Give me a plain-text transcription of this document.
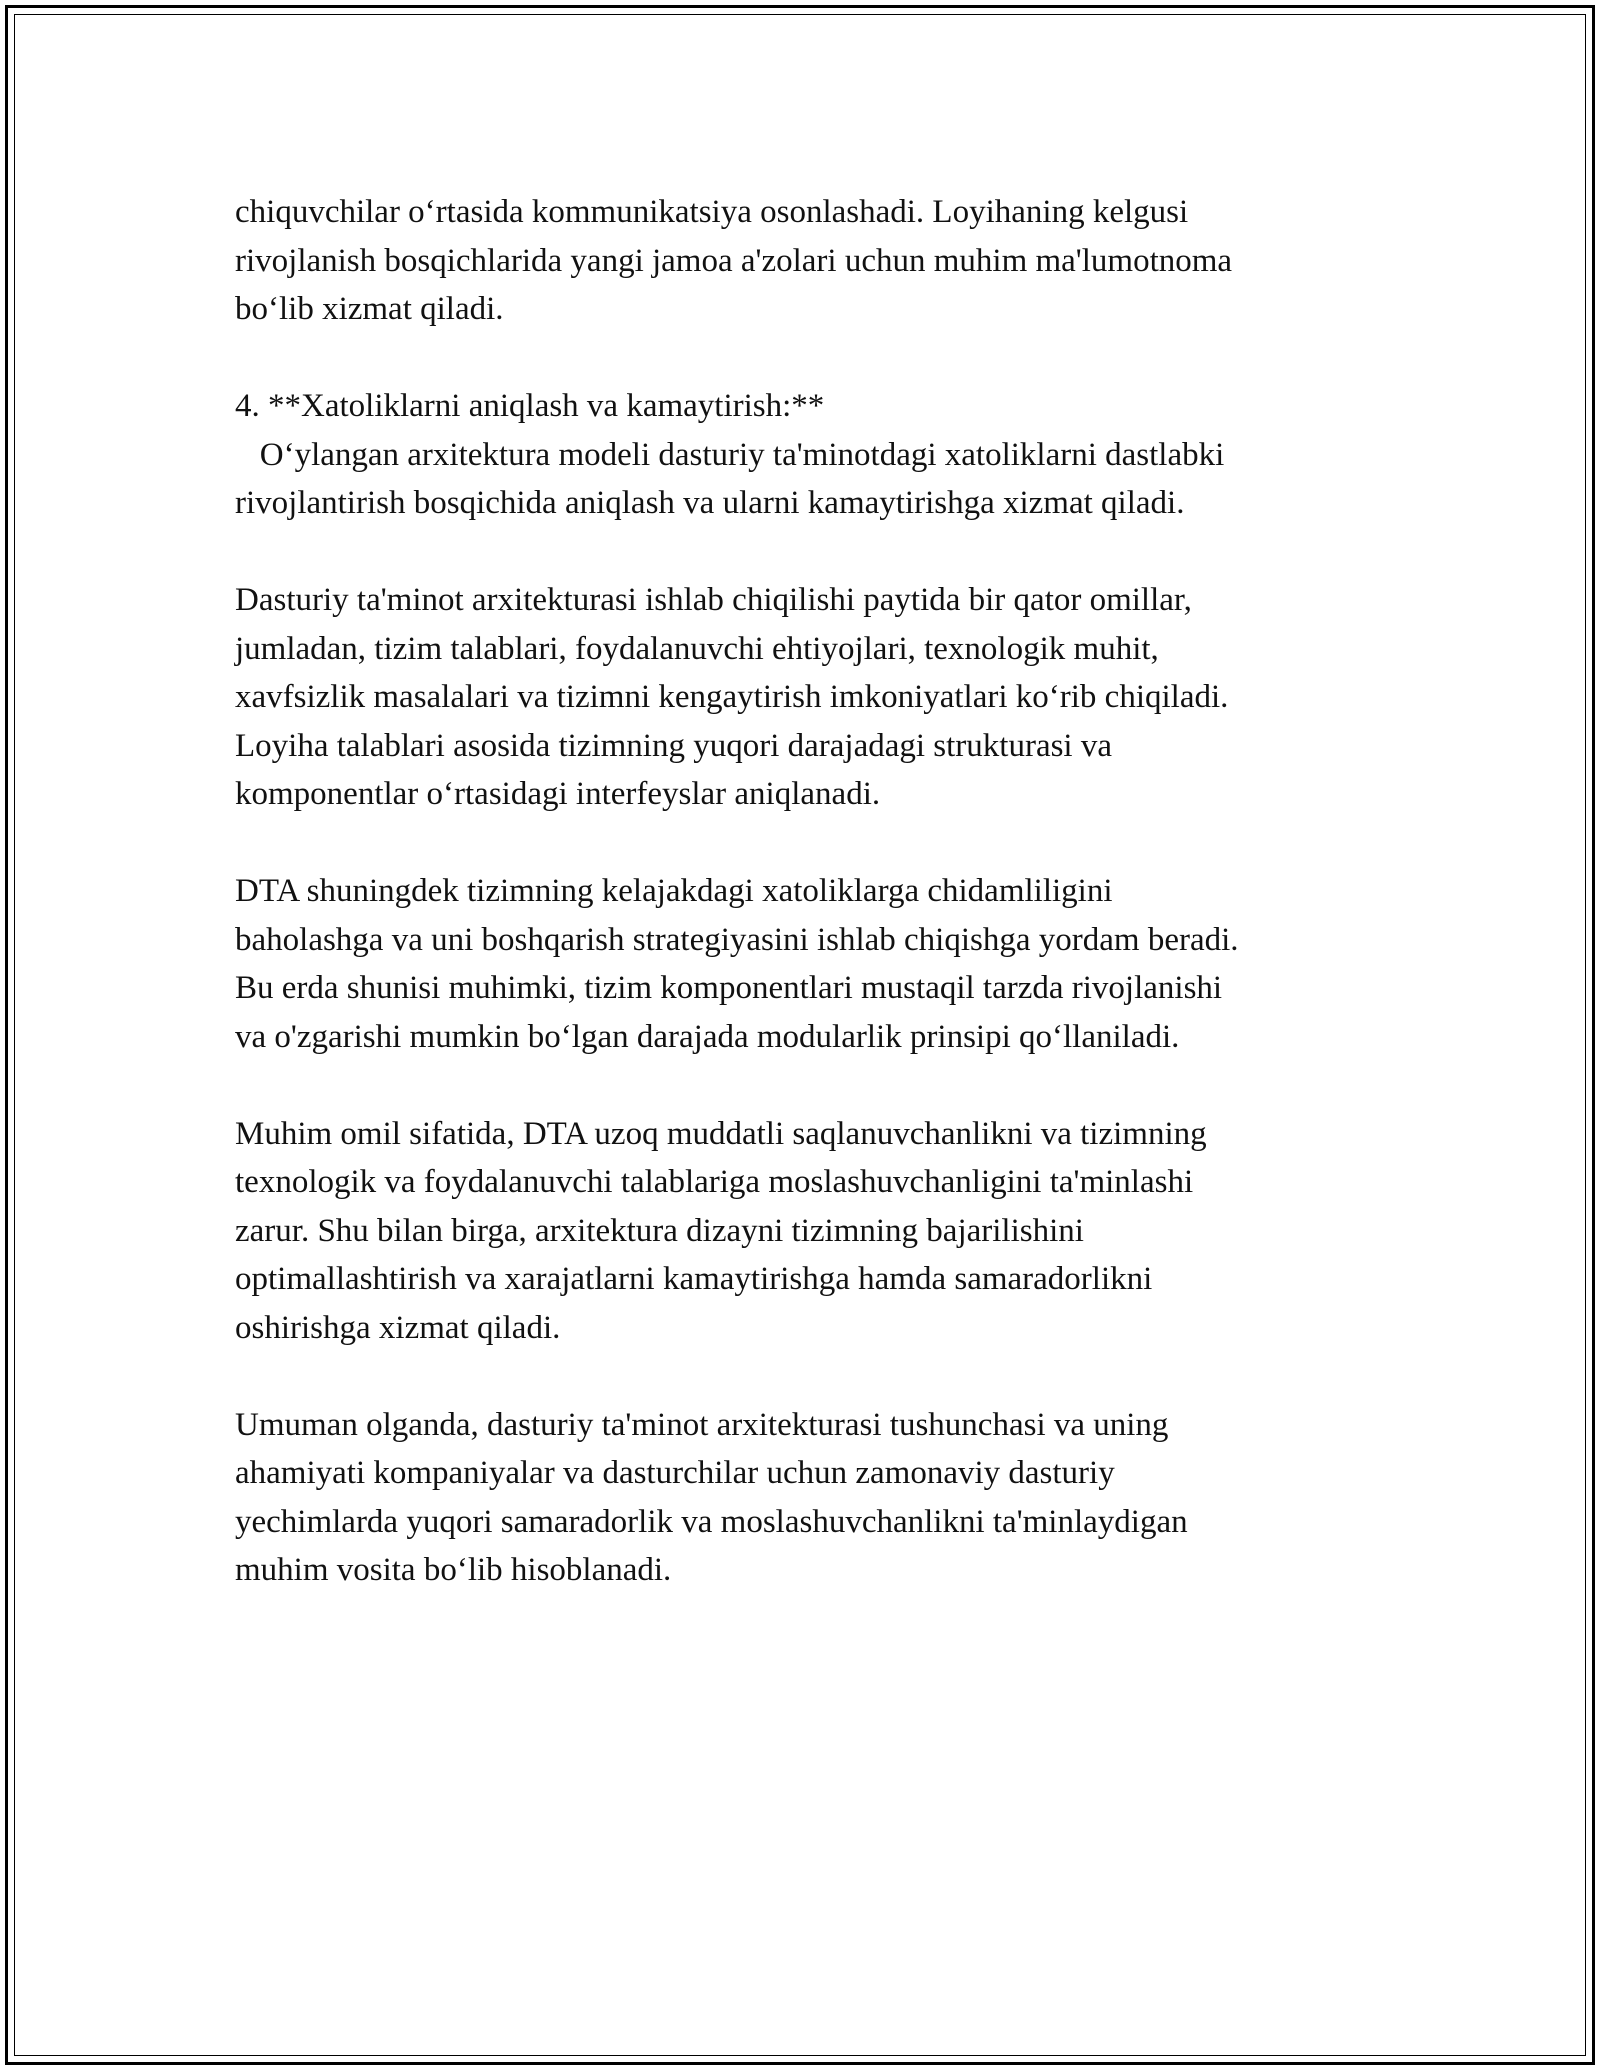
chiquvchilar o‘rtasida kommunikatsiya osonlashadi. Loyihaning kelgusi
rivojlanish bosqichlarida yangi jamoa a'zolari uchun muhim ma'lumotnoma
bo‘lib xizmat qiladi.
4. **Xatoliklarni aniqlash va kamaytirish:**
O‘ylangan arxitektura modeli dasturiy ta'minotdagi xatoliklarni dastlabki
rivojlantirish bosqichida aniqlash va ularni kamaytirishga xizmat qiladi.
Dasturiy ta'minot arxitekturasi ishlab chiqilishi paytida bir qator omillar,
jumladan, tizim talablari, foydalanuvchi ehtiyojlari, texnologik muhit,
xavfsizlik masalalari va tizimni kengaytirish imkoniyatlari ko‘rib chiqiladi.
Loyiha talablari asosida tizimning yuqori darajadagi strukturasi va
komponentlar o‘rtasidagi interfeyslar aniqlanadi.
DTA shuningdek tizimning kelajakdagi xatoliklarga chidamliligini
baholashga va uni boshqarish strategiyasini ishlab chiqishga yordam beradi.
Bu erda shunisi muhimki, tizim komponentlari mustaqil tarzda rivojlanishi
va o'zgarishi mumkin bo‘lgan darajada modularlik prinsipi qo‘llaniladi.
Muhim omil sifatida, DTA uzoq muddatli saqlanuvchanlikni va tizimning
texnologik va foydalanuvchi talablariga moslashuvchanligini ta'minlashi
zarur. Shu bilan birga, arxitektura dizayni tizimning bajarilishini
optimallashtirish va xarajatlarni kamaytirishga hamda samaradorlikni
oshirishga xizmat qiladi.
Umuman olganda, dasturiy ta'minot arxitekturasi tushunchasi va uning
ahamiyati kompaniyalar va dasturchilar uchun zamonaviy dasturiy
yechimlarda yuqori samaradorlik va moslashuvchanlikni ta'minlaydigan
muhim vosita bo‘lib hisoblanadi.
